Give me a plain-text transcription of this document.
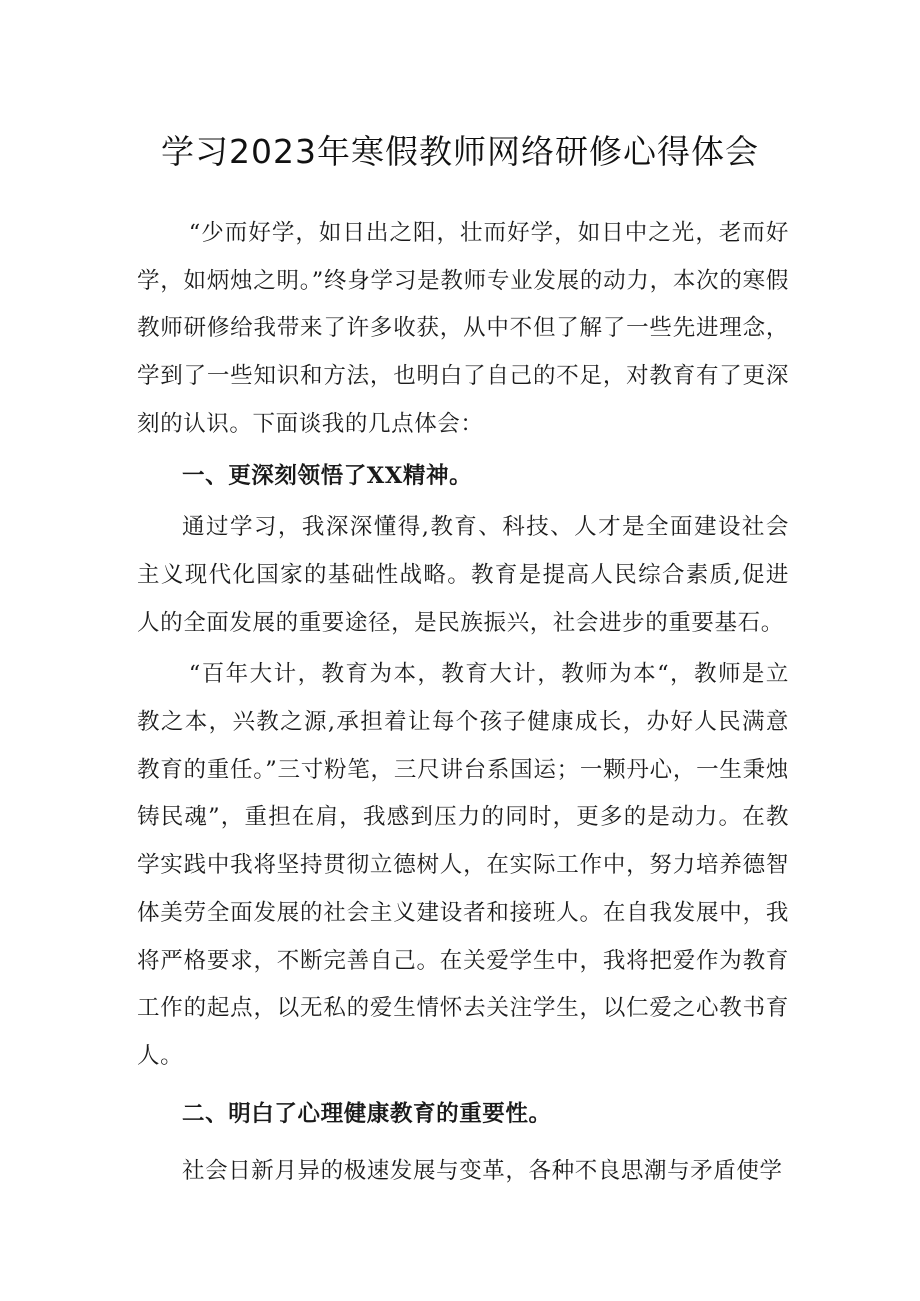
学习2023年寒假教师网络研修心得体会

“少而好学，如日出之阳，壮而好学，如日中之光，老而好学，如炳烛之明。”终身学习是教师专业发展的动力，本次的寒假教师研修给我带来了许多收获，从中不但了解了一些先进理念，学到了一些知识和方法，也明白了自己的不足，对教育有了更深刻的认识。下面谈我的几点体会：

一、更深刻领悟了XX精神。

通过学习，我深深懂得,教育、科技、人才是全面建设社会主义现代化国家的基础性战略。教育是提高人民综合素质,促进人的全面发展的重要途径，是民族振兴，社会进步的重要基石。

“百年大计，教育为本，教育大计，教师为本“，教师是立教之本，兴教之源,承担着让每个孩子健康成长，办好人民满意教育的重任。”三寸粉笔，三尺讲台系国运；一颗丹心，一生秉烛铸民魂”，重担在肩，我感到压力的同时，更多的是动力。在教学实践中我将坚持贯彻立德树人，在实际工作中，努力培养德智体美劳全面发展的社会主义建设者和接班人。在自我发展中，我将严格要求，不断完善自己。在关爱学生中，我将把爱作为教育工作的起点，以无私的爱生情怀去关注学生，以仁爱之心教书育人。

二、明白了心理健康教育的重要性。

社会日新月异的极速发展与变革，各种不良思潮与矛盾使学
